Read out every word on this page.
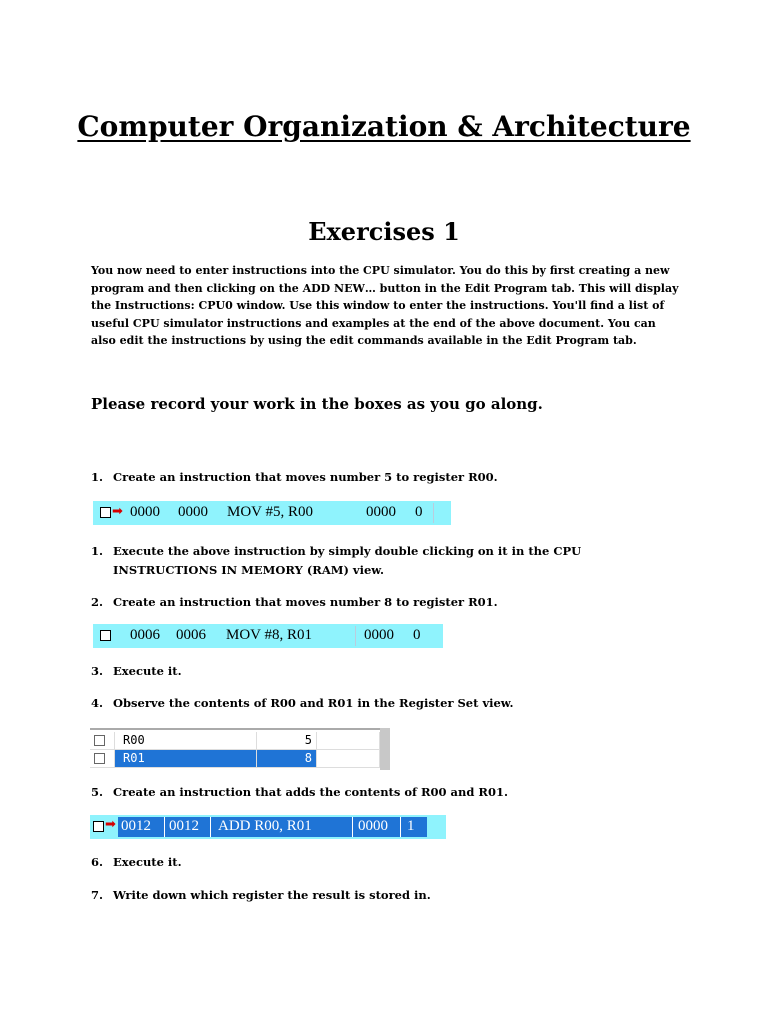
Computer Organization & Architecture
Exercises 1
You now need to enter instructions into the CPU simulator. You do this by first creating a new program and then clicking on the ADD NEW… button in the Edit Program tab. This will display the Instructions: CPU0 window. Use this window to enter the instructions. You'll find a list of useful CPU simulator instructions and examples at the end of the above document. You can also edit the instructions by using the edit commands available in the Edit Program tab.
Please record your work in the boxes as you go along.
1. Create an instruction that moves number 5 to register R00.
➡ 0000 0000 MOV #5, R00	0000 0
1. Execute the above instruction by simply double clicking on it in the CPU INSTRUCTIONS IN MEMORY (RAM) view.
2. Create an instruction that moves number 8 to register R01.
0006 0006 MOV #8, R01	0000 0
3. Execute it.
4. Observe the contents of R00 and R01 in the Register Set view.
R00	5
R01	8
5. Create an instruction that adds the contents of R00 and R01.
➡ 0012 0012 ADD R00, R01	0000 1
6. Execute it.
7. Write down which register the result is stored in.
